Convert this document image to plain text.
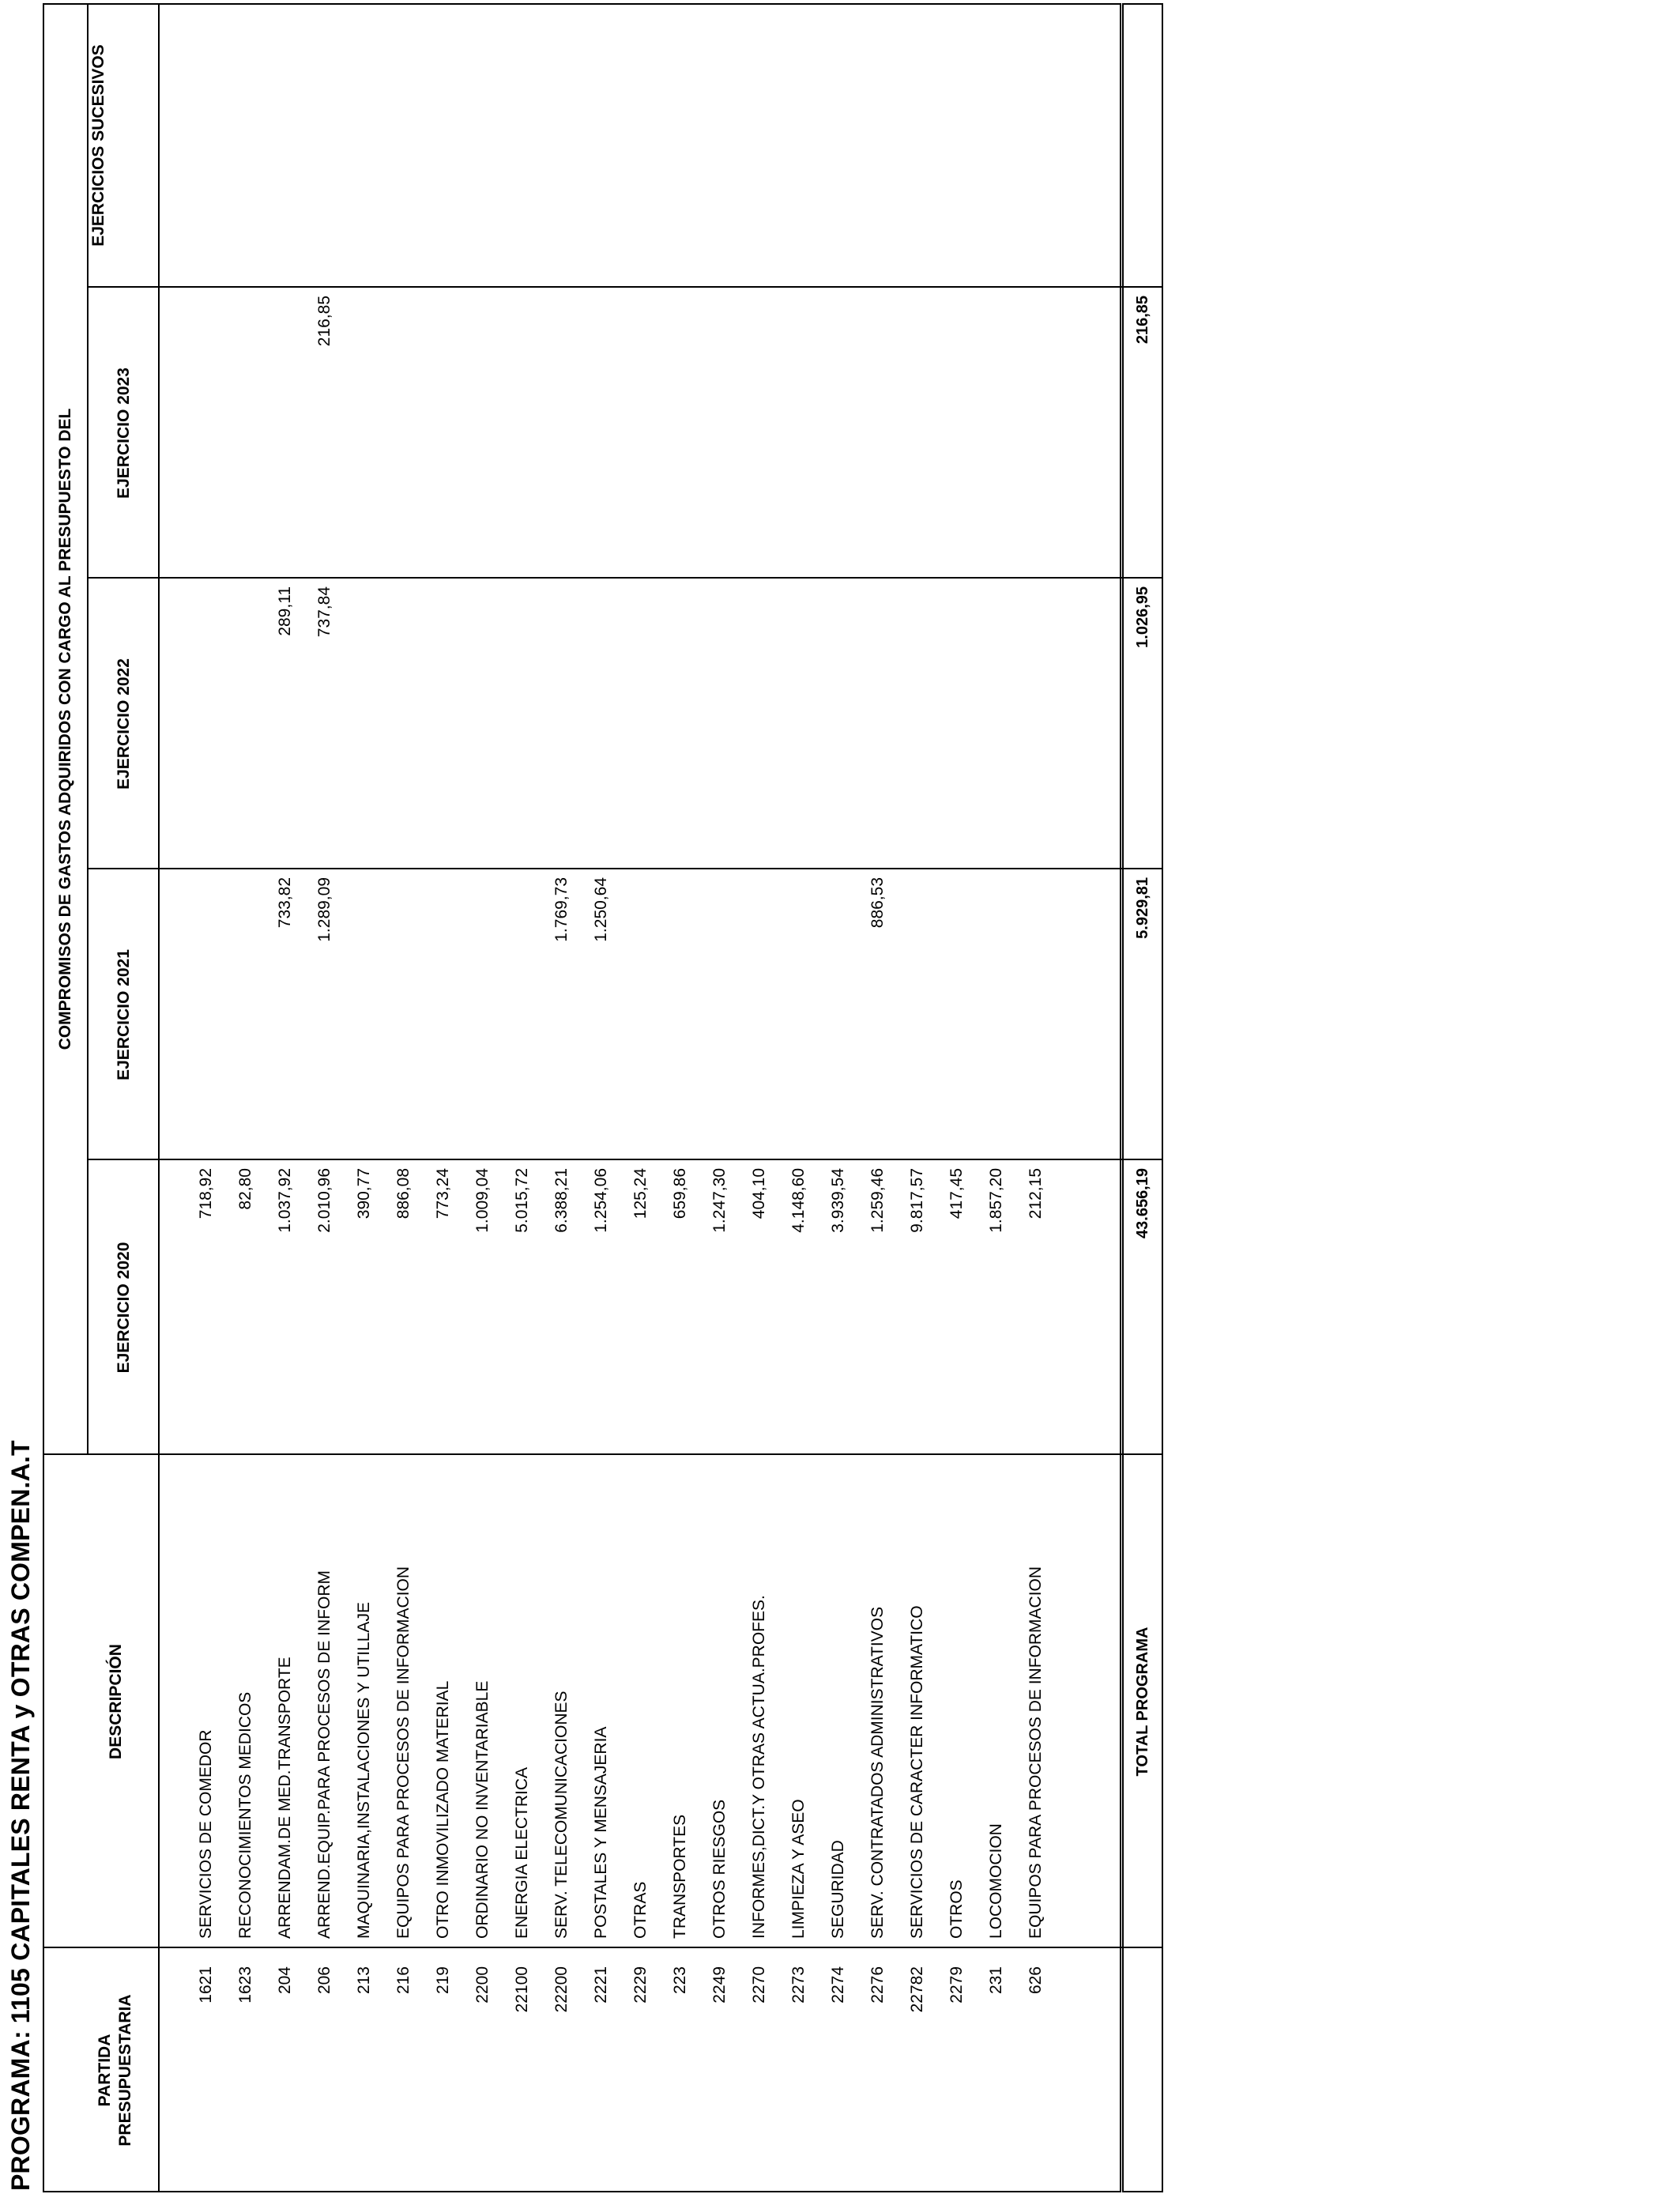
PROGRAMA: 1105 CAPITALES RENTA y OTRAS COMPEN.A.T	PARTIDA
PRESUPUESTARIA
DESCRIPCIÓN
COMPROMISOS DE GASTOS ADQUIRIDOS CON CARGO AL PRESUPUESTO DEL
EJERCICIO 2020
EJERCICIO 2021
EJERCICIO 2022
EJERCICIO 2023
EJERCICIOS SUCESIVOS
1621
SERVICIOS DE COMEDOR
718,92
1623
RECONOCIMIENTOS MEDICOS
82,80
204
ARRENDAM.DE MED.TRANSPORTE
1.037,92
733,82
289,11
206
ARREND.EQUIP.PARA PROCESOS DE INFORM
2.010,96
1.289,09
737,84
216,85
213
MAQUINARIA,INSTALACIONES Y UTILLAJE
390,77
216
EQUIPOS PARA PROCESOS DE INFORMACION
886,08
219
OTRO INMOVILIZADO MATERIAL
773,24
2200
ORDINARIO NO INVENTARIABLE
1.009,04
22100
ENERGIA ELECTRICA
5.015,72
22200
SERV. TELECOMUNICACIONES
6.388,21
1.769,73
2221
POSTALES Y MENSAJERIA
1.254,06
1.250,64
2229
OTRAS
125,24
223
TRANSPORTES
659,86
2249
OTROS RIESGOS
1.247,30
2270
INFORMES,DICT.Y OTRAS ACTUA.PROFES.
404,10
2273
LIMPIEZA Y ASEO
4.148,60
2274
SEGURIDAD
3.939,54
2276
SERV. CONTRATADOS ADMINISTRATIVOS
1.259,46
886,53
22782
SERVICIOS DE CARACTER INFORMATICO
9.817,57
2279
OTROS
417,45
231
LOCOMOCION
1.857,20
626
EQUIPOS PARA PROCESOS DE INFORMACION
212,15
TOTAL PROGRAMA
43.656,19
5.929,81
1.026,95
216,85
